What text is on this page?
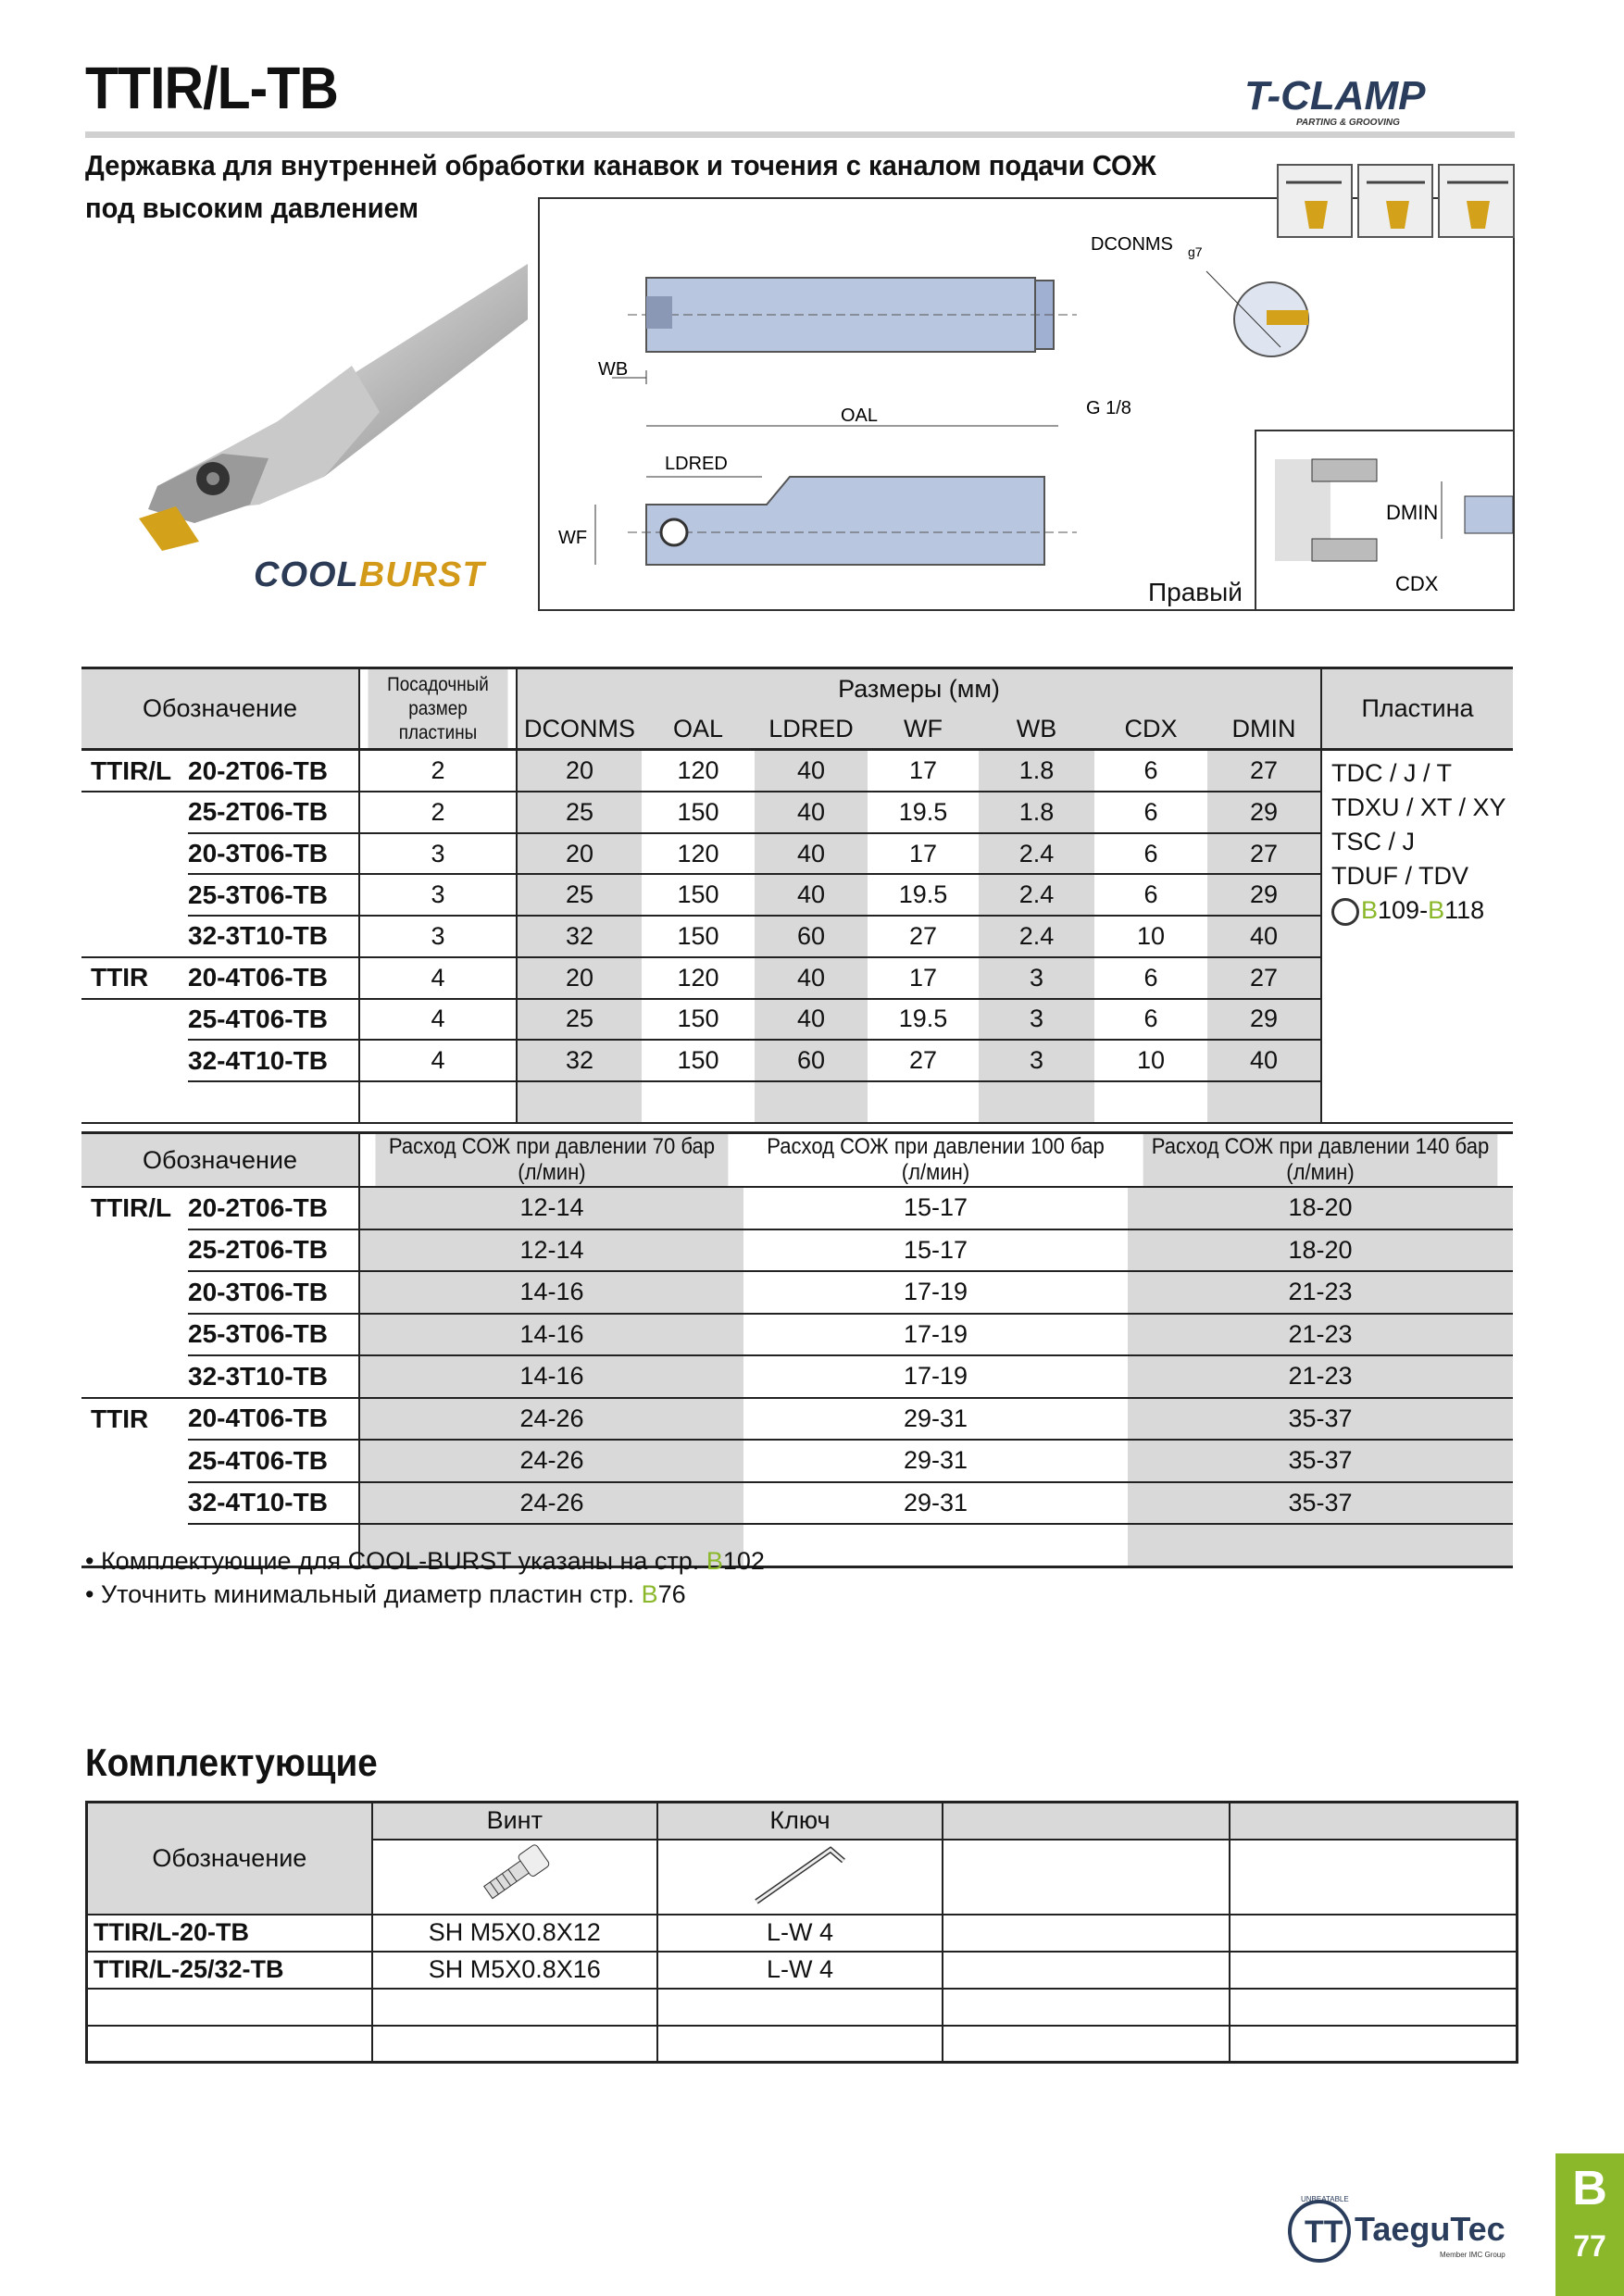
TTIR/L-TB	T-CLAMP
PARTING & GROOVING
Державка для внутренней обработки канавок и точения с каналом подачи СОЖ под высоким давлением
COOLBURST
WB
DCONMS g7
OAL	G 1/8
LDRED
WF
DMIN
CDX
Правый
Обозначение		Посадочный размер пластины	Размеры (мм)							Пластина
			DCONMS	OAL	LDRED	WF	WB	CDX	DMIN	
TTIR/L	20-2T06-TB	2	20	120	40	17	1.8	6	27	TDC / J / T
TDXU / XT / XY
TSC / J
TDUF / TDV
B109-B118

	25-2T06-TB	2	25	150	40	19.5	1.8	6	29	
	20-3T06-TB	3	20	120	40	17	2.4	6	27	
	25-3T06-TB	3	25	150	40	19.5	2.4	6	29	
	32-3T10-TB	3	32	150	60	27	2.4	10	40	
TTIR	20-4T06-TB	4	20	120	40	17	3	6	27	
	25-4T06-TB	4	25	150	40	19.5	3	6	29	
	32-4T10-TB	4	32	150	60	27	3	10	40	

Обозначение		Расход СОЖ при давлении 70 бар (л/мин)	Расход СОЖ при давлении 100 бар (л/мин)	Расход СОЖ при давлении 140 бар (л/мин)
TTIR/L	20-2T06-TB	12-14	15-17	18-20
	25-2T06-TB	12-14	15-17	18-20
	20-3T06-TB	14-16	17-19	21-23
	25-3T06-TB	14-16	17-19	21-23
	32-3T10-TB	14-16	17-19	21-23
TTIR	20-4T06-TB	24-26	29-31	35-37
	25-4T06-TB	24-26	29-31	35-37
	32-4T10-TB	24-26	29-31	35-37

• Комплектующие для COOL-BURST указаны на стр. B102
• Уточнить минимальный диаметр пластин стр. B76
Комплектующие
Обозначение	Винт	Ключ		

TTIR/L-20-TB	SH M5X0.8X12	L-W 4		
TTIR/L-25/32-TB	SH M5X0.8X16	L-W 4		

TT
UNBEATABLE
TaeguTec
Member IMC Group
B
77
